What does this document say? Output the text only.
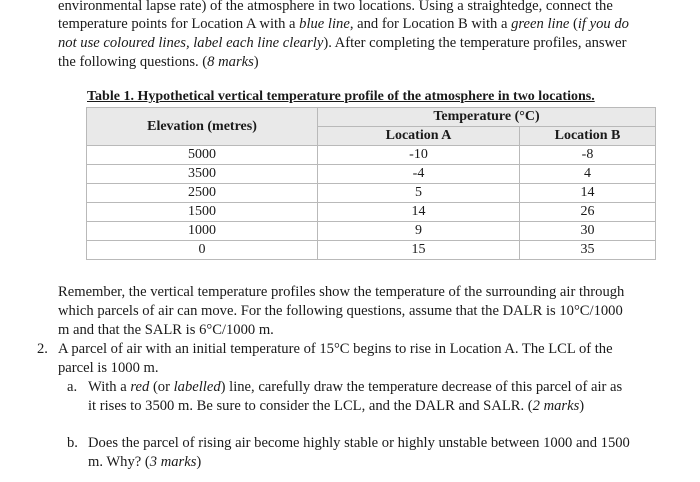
environmental lapse rate) of the atmosphere in two locations. Using a straightedge, connect the
temperature points for Location A with a blue line, and for Location B with a green line (if you do
not use coloured lines, label each line clearly). After completing the temperature profiles, answer
the following questions. (8 marks)
Table 1. Hypothetical vertical temperature profile of the atmosphere in two locations.
Elevation (metres)	Temperature (°C)	
	Location A	Location B
5000	-10	-8
3500	-4	4
2500	5	14
1500	14	26
1000	9	30
0	15	35
Remember, the vertical temperature profiles show the temperature of the surrounding air through
which parcels of air can move. For the following questions, assume that the DALR is 10°C/1000
m and that the SALR is 6°C/1000 m.
2. A parcel of air with an initial temperature of 15°C begins to rise in Location A. The LCL of the
parcel is 1000 m.
a. With a red (or labelled) line, carefully draw the temperature decrease of this parcel of air as
it rises to 3500 m. Be sure to consider the LCL, and the DALR and SALR. (2 marks)
b. Does the parcel of rising air become highly stable or highly unstable between 1000 and 1500
m. Why? (3 marks)
